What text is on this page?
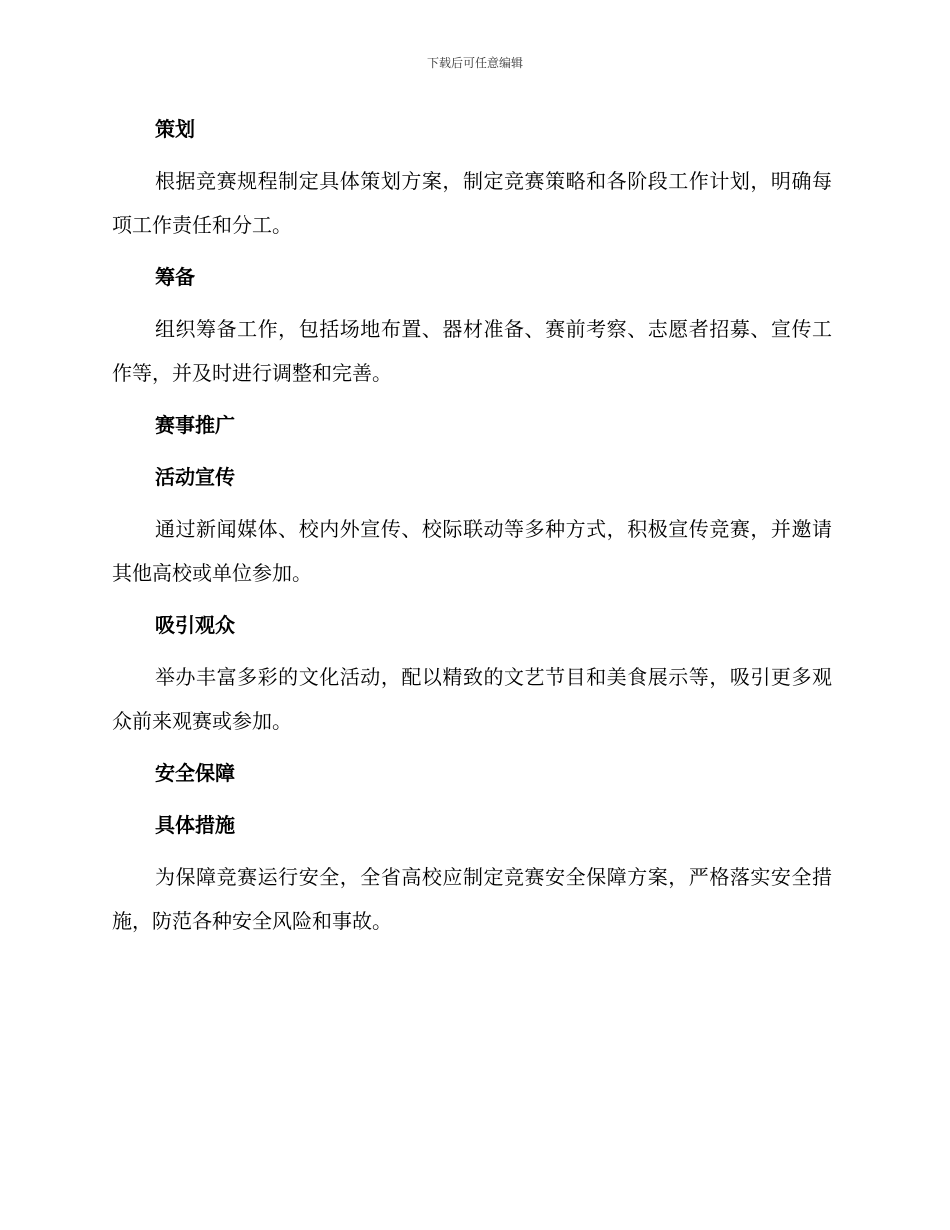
下载后可任意编辑
策划
根据竞赛规程制定具体策划方案，制定竞赛策略和各阶段工作计划，明确每项工作责任和分工。
筹备
组织筹备工作，包括场地布置、器材准备、赛前考察、志愿者招募、宣传工作等，并及时进行调整和完善。
赛事推广
活动宣传
通过新闻媒体、校内外宣传、校际联动等多种方式，积极宣传竞赛，并邀请其他高校或单位参加。
吸引观众
举办丰富多彩的文化活动，配以精致的文艺节目和美食展示等，吸引更多观众前来观赛或参加。
安全保障
具体措施
为保障竞赛运行安全，全省高校应制定竞赛安全保障方案，严格落实安全措施，防范各种安全风险和事故。
